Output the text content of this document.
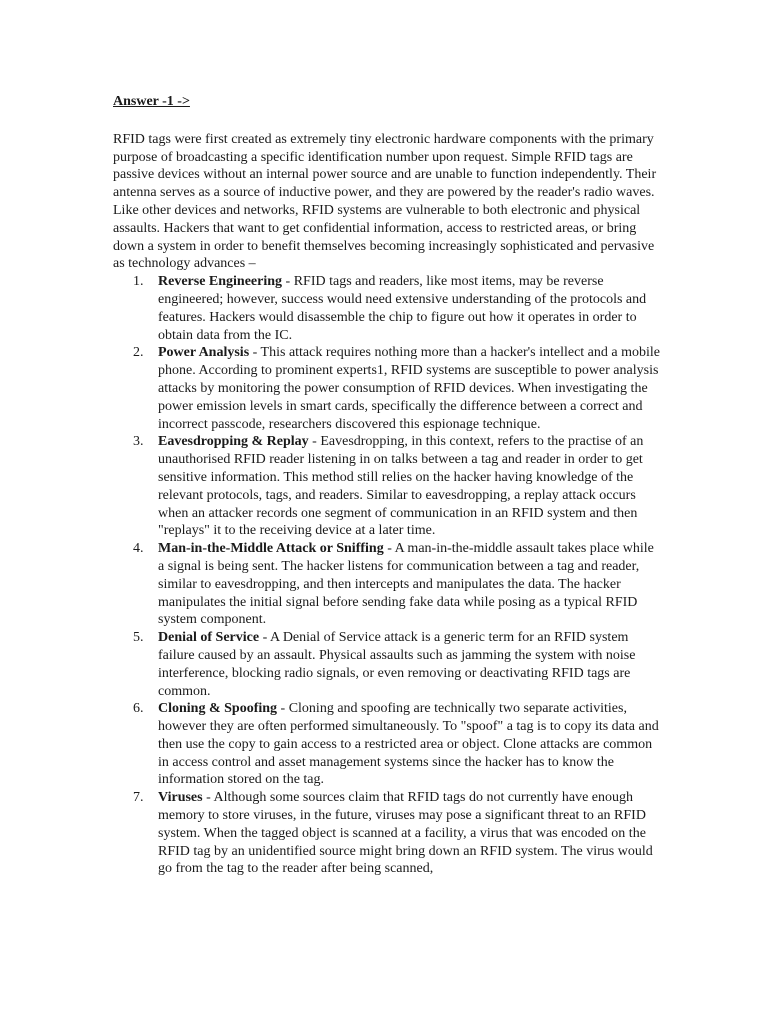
Answer -1 ->

RFID tags were first created as extremely tiny electronic hardware components with the primary purpose of broadcasting a specific identification number upon request. Simple RFID tags are passive devices without an internal power source and are unable to function independently. Their antenna serves as a source of inductive power, and they are powered by the reader's radio waves. Like other devices and networks, RFID systems are vulnerable to both electronic and physical assaults. Hackers that want to get confidential information, access to restricted areas, or bring down a system in order to benefit themselves becoming increasingly sophisticated and pervasive as technology advances –

1. Reverse Engineering - RFID tags and readers, like most items, may be reverse engineered; however, success would need extensive understanding of the protocols and features. Hackers would disassemble the chip to figure out how it operates in order to obtain data from the IC.
2. Power Analysis - This attack requires nothing more than a hacker's intellect and a mobile phone. According to prominent experts1, RFID systems are susceptible to power analysis attacks by monitoring the power consumption of RFID devices. When investigating the power emission levels in smart cards, specifically the difference between a correct and incorrect passcode, researchers discovered this espionage technique.
3. Eavesdropping & Replay - Eavesdropping, in this context, refers to the practise of an unauthorised RFID reader listening in on talks between a tag and reader in order to get sensitive information. This method still relies on the hacker having knowledge of the relevant protocols, tags, and readers. Similar to eavesdropping, a replay attack occurs when an attacker records one segment of communication in an RFID system and then "replays" it to the receiving device at a later time.
4. Man-in-the-Middle Attack or Sniffing - A man-in-the-middle assault takes place while a signal is being sent. The hacker listens for communication between a tag and reader, similar to eavesdropping, and then intercepts and manipulates the data. The hacker manipulates the initial signal before sending fake data while posing as a typical RFID system component.
5. Denial of Service - A Denial of Service attack is a generic term for an RFID system failure caused by an assault. Physical assaults such as jamming the system with noise interference, blocking radio signals, or even removing or deactivating RFID tags are common.
6. Cloning & Spoofing - Cloning and spoofing are technically two separate activities, however they are often performed simultaneously. To "spoof" a tag is to copy its data and then use the copy to gain access to a restricted area or object. Clone attacks are common in access control and asset management systems since the hacker has to know the information stored on the tag.
7. Viruses - Although some sources claim that RFID tags do not currently have enough memory to store viruses, in the future, viruses may pose a significant threat to an RFID system. When the tagged object is scanned at a facility, a virus that was encoded on the RFID tag by an unidentified source might bring down an RFID system. The virus would go from the tag to the reader after being scanned,
